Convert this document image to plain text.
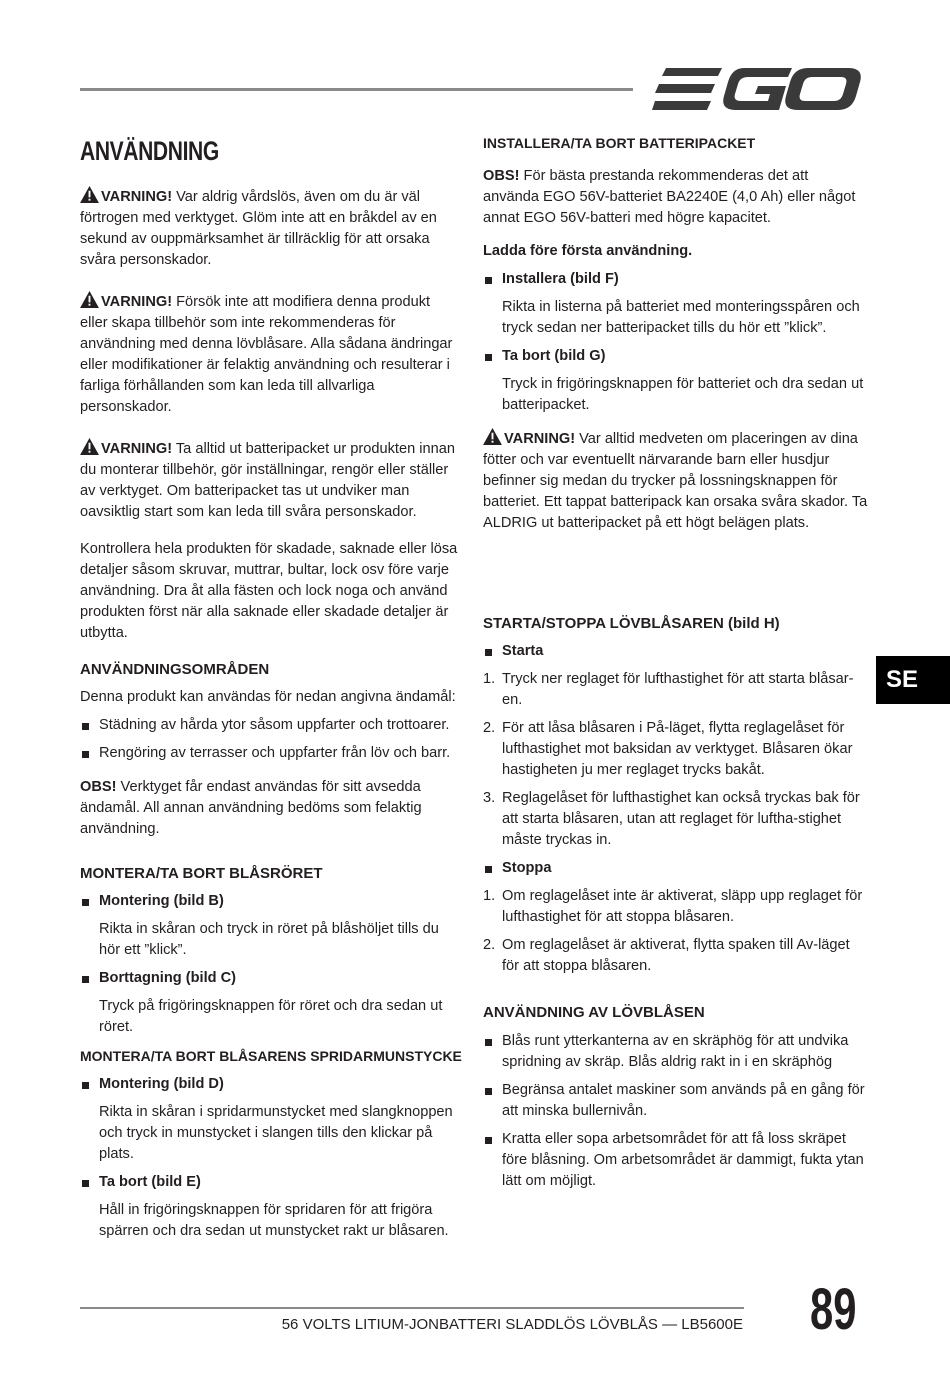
ANVÄNDNING

VARNING! Var aldrig vårdslös, även om du är väl förtrogen med verktyget. Glöm inte att en bråkdel av en sekund av ouppmärksamhet är tillräcklig för att orsaka svåra personskador.

VARNING! Försök inte att modifiera denna produkt eller skapa tillbehör som inte rekommenderas för användning med denna lövblåsare. Alla sådana ändringar eller modifikationer är felaktig användning och resulterar i farliga förhållanden som kan leda till allvarliga personskador.

VARNING! Ta alltid ut batteripacket ur produkten innan du monterar tillbehör, gör inställningar, rengör eller ställer av verktyget. Om batteripacket tas ut undviker man oavsiktlig start som kan leda till svåra personskador.

Kontrollera hela produkten för skadade, saknade eller lösa detaljer såsom skruvar, muttrar, bultar, lock osv före varje användning. Dra åt alla fästen och lock noga och använd produkten först när alla saknade eller skadade detaljer är utbytta.

ANVÄNDNINGSOMRÅDEN

Denna produkt kan användas för nedan angivna ändamål:

Städning av hårda ytor såsom uppfarter och trottoarer.

Rengöring av terrasser och uppfarter från löv och barr.

OBS! Verktyget får endast användas för sitt avsedda ändamål. All annan användning bedöms som felaktig användning.

MONTERA/TA BORT BLÅSRÖRET

Montering (bild B)

Rikta in skåran och tryck in röret på blåshöljet tills du hör ett ”klick”.

Borttagning (bild C)

Tryck på frigöringsknappen för röret och dra sedan ut röret.

MONTERA/TA BORT BLÅSARENS SPRIDARMUNSTYCKE

Montering (bild D)

Rikta in skåran i spridarmunstycket med slangknoppen och tryck in munstycket i slangen tills den klickar på plats.

Ta bort (bild E)

Håll in frigöringsknappen för spridaren för att frigöra spärren och dra sedan ut munstycket rakt ur blåsaren.

INSTALLERA/TA BORT BATTERIPACKET

OBS! För bästa prestanda rekommenderas det att använda EGO 56V-batteriet BA2240E (4,0 Ah) eller något annat EGO 56V-batteri med högre kapacitet.

Ladda före första användning.

Installera (bild F)

Rikta in listerna på batteriet med monteringsspåren och tryck sedan ner batteripacket tills du hör ett ”klick”.

Ta bort (bild G)

Tryck in frigöringsknappen för batteriet och dra sedan ut batteripacket.

VARNING! Var alltid medveten om placeringen av dina fötter och var eventuellt närvarande barn eller husdjur befinner sig medan du trycker på lossningsknappen för batteriet. Ett tappat batteripack kan orsaka svåra skador. Ta ALDRIG ut batteripacket på ett högt belägen plats.

STARTA/STOPPA LÖVBLÅSAREN (bild H)

Starta

1. Tryck ner reglaget för lufthastighet för att starta blåsar-en.

2. För att låsa blåsaren i På-läget, flytta reglagelåset för lufthastighet mot baksidan av verktyget. Blåsaren ökar hastigheten ju mer reglaget trycks bakåt.

3. Reglagelåset för lufthastighet kan också tryckas bak för att starta blåsaren, utan att reglaget för luftha-stighet måste tryckas in.

Stoppa

1. Om reglagelåset inte är aktiverat, släpp upp reglaget för lufthastighet för att stoppa blåsaren.

2. Om reglagelåset är aktiverat, flytta spaken till Av-läget för att stoppa blåsaren.

ANVÄNDNING AV LÖVBLÅSEN

Blås runt ytterkanterna av en skräphög för att undvika spridning av skräp. Blås aldrig rakt in i en skräphög

Begränsa antalet maskiner som används på en gång för att minska bullernivån.

Kratta eller sopa arbetsområdet för att få loss skräpet före blåsning. Om arbetsområdet är dammigt, fukta ytan lätt om möjligt.

SE
56 VOLTS LITIUM-JONBATTERI SLADDLÖS LÖVBLÅS — LB5600E 89
